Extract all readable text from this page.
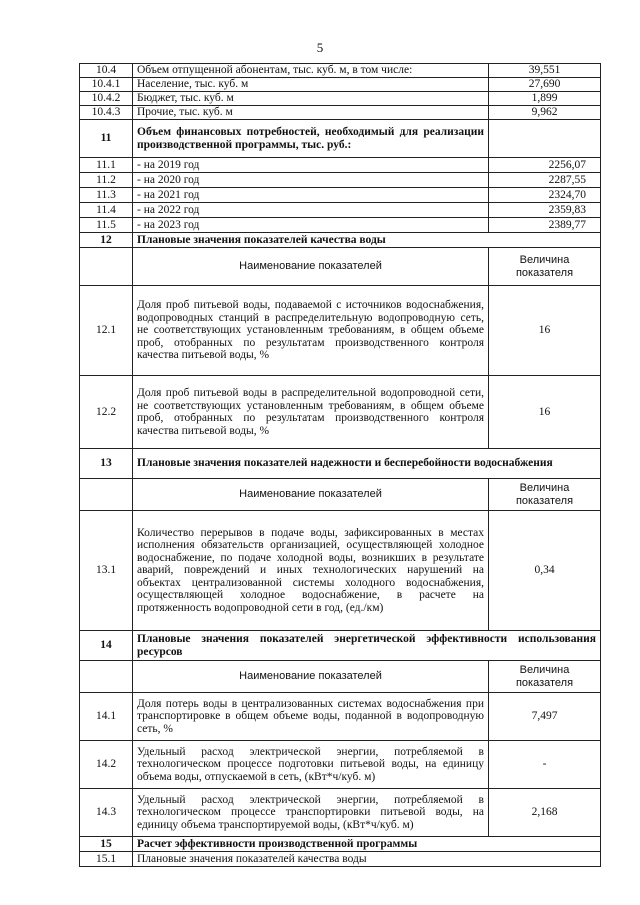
5
10.4	Объем отпущенной абонентам, тыс. куб. м, в том числе:	39,551
10.4.1	Население, тыс. куб. м	27,690
10.4.2	Бюджет, тыс. куб. м	1,899
10.4.3	Прочие, тыс. куб. м	9,962
11	Объем финансовых потребностей, необходимый для реализации производственной программы, тыс. руб.:	
11.1	- на 2019 год	2256,07
11.2	- на 2020 год	2287,55
11.3	- на 2021 год	2324,70
11.4	- на 2022 год	2359,83
11.5	- на 2023 год	2389,77
12	Плановые значения показателей качества воды	
	Наименование показателей	Величина показателя
12.1	Доля проб питьевой воды, подаваемой с источников водоснабжения, водопроводных станций в распределительную водопроводную сеть, не соответствующих установленным требованиям, в общем объеме проб, отобранных по результатам производственного контроля качества питьевой воды, %	16
12.2	Доля проб питьевой воды в распределительной водопроводной сети, не соответствующих установленным требованиям, в общем объеме проб, отобранных по результатам производственного контроля качества питьевой воды, %	16
13	Плановые значения показателей надежности и бесперебойности водоснабжения	
	Наименование показателей	Величина показателя
13.1	Количество перерывов в подаче воды, зафиксированных в местах исполнения обязательств организацией, осуществляющей холодное водоснабжение, по подаче холодной воды, возникших в результате аварий, повреждений и иных технологических нарушений на объектах централизованной системы холодного водоснабжения, осуществляющей холодное водоснабжение, в расчете на протяженность водопроводной сети в год, (ед./км)	0,34
14	Плановые значения показателей энергетической эффективности использования ресурсов	
	Наименование показателей	Величина показателя
14.1	Доля потерь воды в централизованных системах водоснабжения при транспортировке в общем объеме воды, поданной в водопроводную сеть, %	7,497
14.2	Удельный расход электрической энергии, потребляемой в технологическом процессе подготовки питьевой воды, на единицу объема воды, отпускаемой в сеть, (кВт*ч/куб. м)	-
14.3	Удельный расход электрической энергии, потребляемой в технологическом процессе транспортировки питьевой воды, на единицу объема транспортируемой воды, (кВт*ч/куб. м)	2,168
15	Расчет эффективности производственной программы	
15.1	Плановые значения показателей качества воды	
